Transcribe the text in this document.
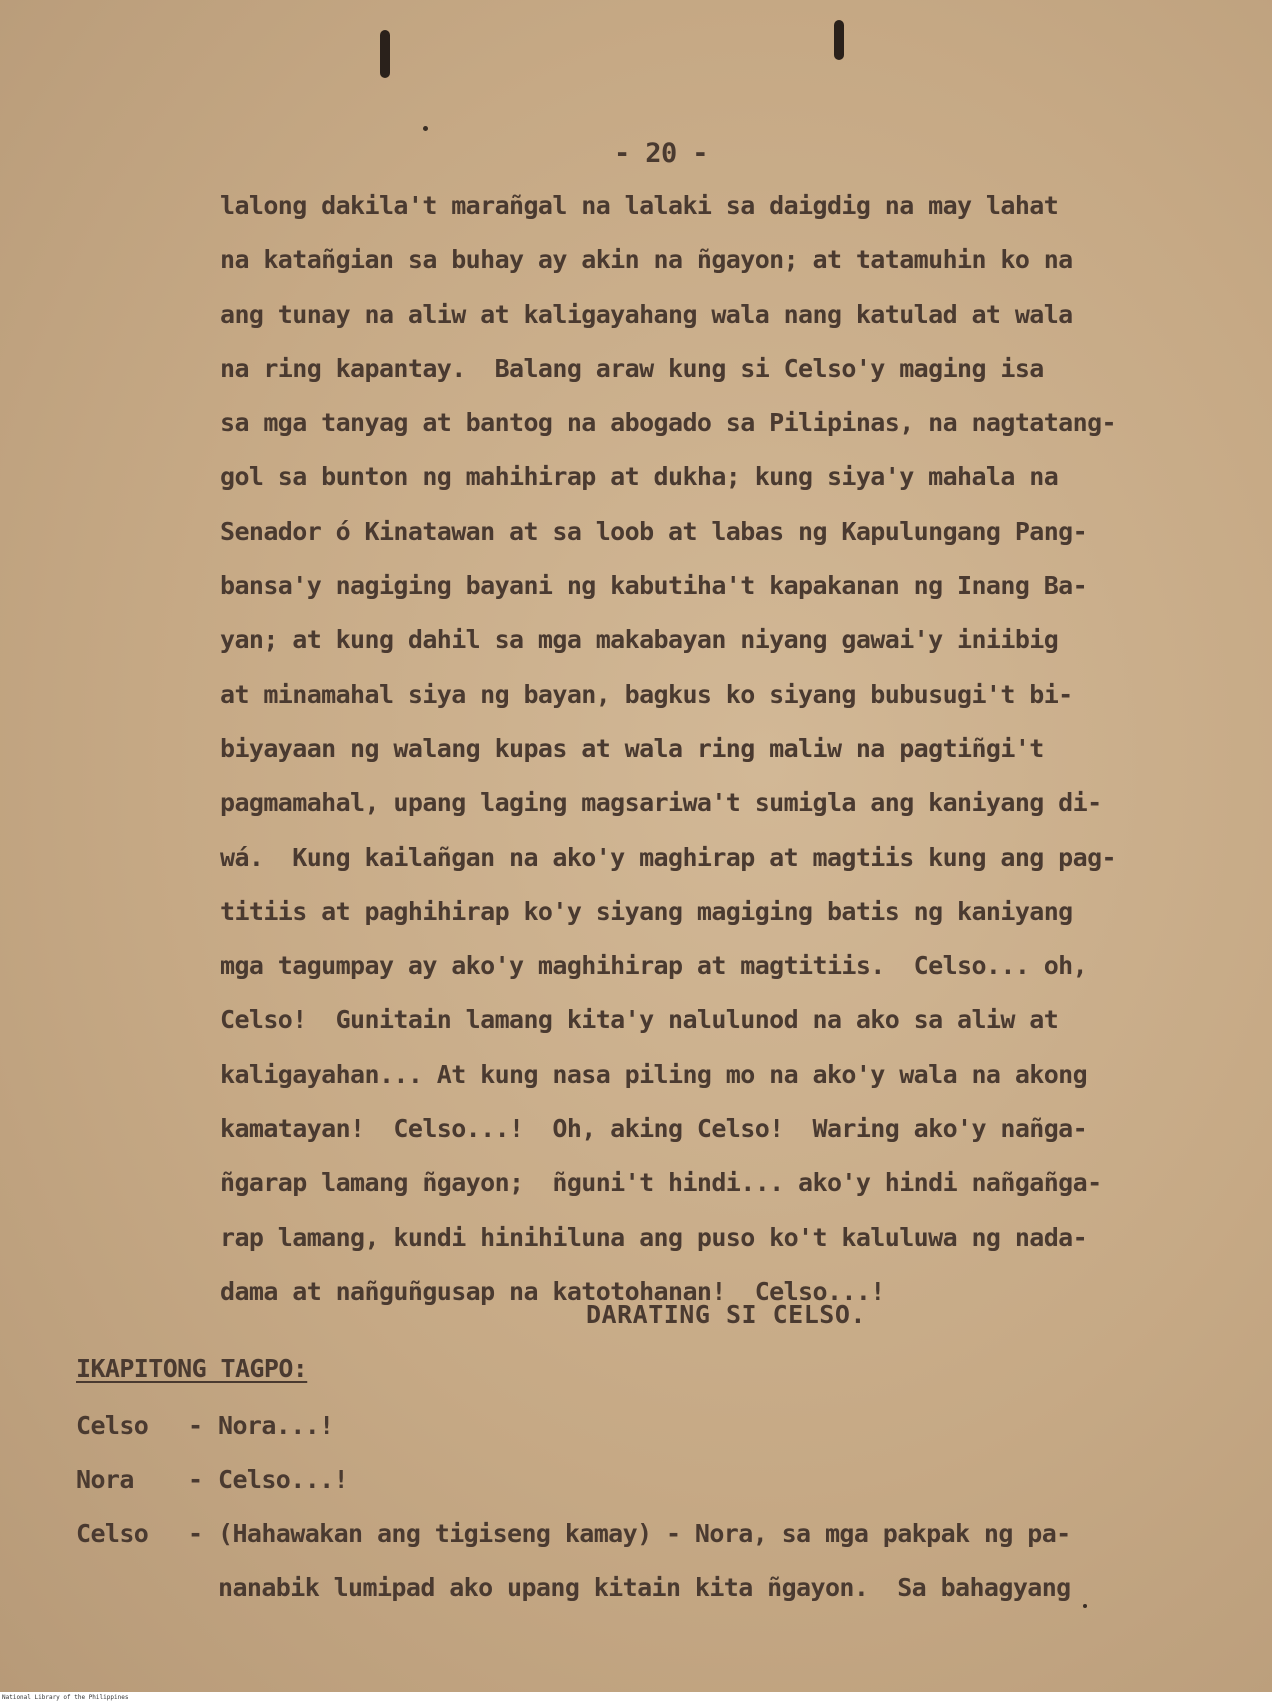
- 20 -
lalong dakila't marañgal na lalaki sa daigdig na may lahat
na katañgian sa buhay ay akin na ñgayon; at tatamuhin ko na
ang tunay na aliw at kaligayahang wala nang katulad at wala
na ring kapantay.  Balang araw kung si Celso'y maging isa
sa mga tanyag at bantog na abogado sa Pilipinas, na nagtatang-
gol sa bunton ng mahihirap at dukha; kung siya'y mahala na
Senador ó Kinatawan at sa loob at labas ng Kapulungang Pang-
bansa'y nagiging bayani ng kabutiha't kapakanan ng Inang Ba-
yan; at kung dahil sa mga makabayan niyang gawai'y iniibig
at minamahal siya ng bayan, bagkus ko siyang bubusugi't bi-
biyayaan ng walang kupas at wala ring maliw na pagtiñgi't
pagmamahal, upang laging magsariwa't sumigla ang kaniyang di-
wá.  Kung kailañgan na ako'y maghirap at magtiis kung ang pag-
titiis at paghihirap ko'y siyang magiging batis ng kaniyang
mga tagumpay ay ako'y maghihirap at magtitiis.  Celso... oh,
Celso!  Gunitain lamang kita'y nalulunod na ako sa aliw at
kaligayahan... At kung nasa piling mo na ako'y wala na akong
kamatayan!  Celso...!  Oh, aking Celso!  Waring ako'y nañga-
ñgarap lamang ñgayon;  ñguni't hindi... ako'y hindi nañgañga-
rap lamang, kundi hinihiluna ang puso ko't kaluluwa ng nada-
dama at nañguñgusap na katotohanan!  Celso...!
DARATING SI CELSO.
IKAPITONG TAGPO:
Celso - Nora...!
Nora - Celso...!
Celso - (Hahawakan ang tigiseng kamay) - Nora, sa mga pakpak ng pa-
nanabik lumipad ako upang kitain kita ñgayon.  Sa bahagyang
National Library of the Philippines
